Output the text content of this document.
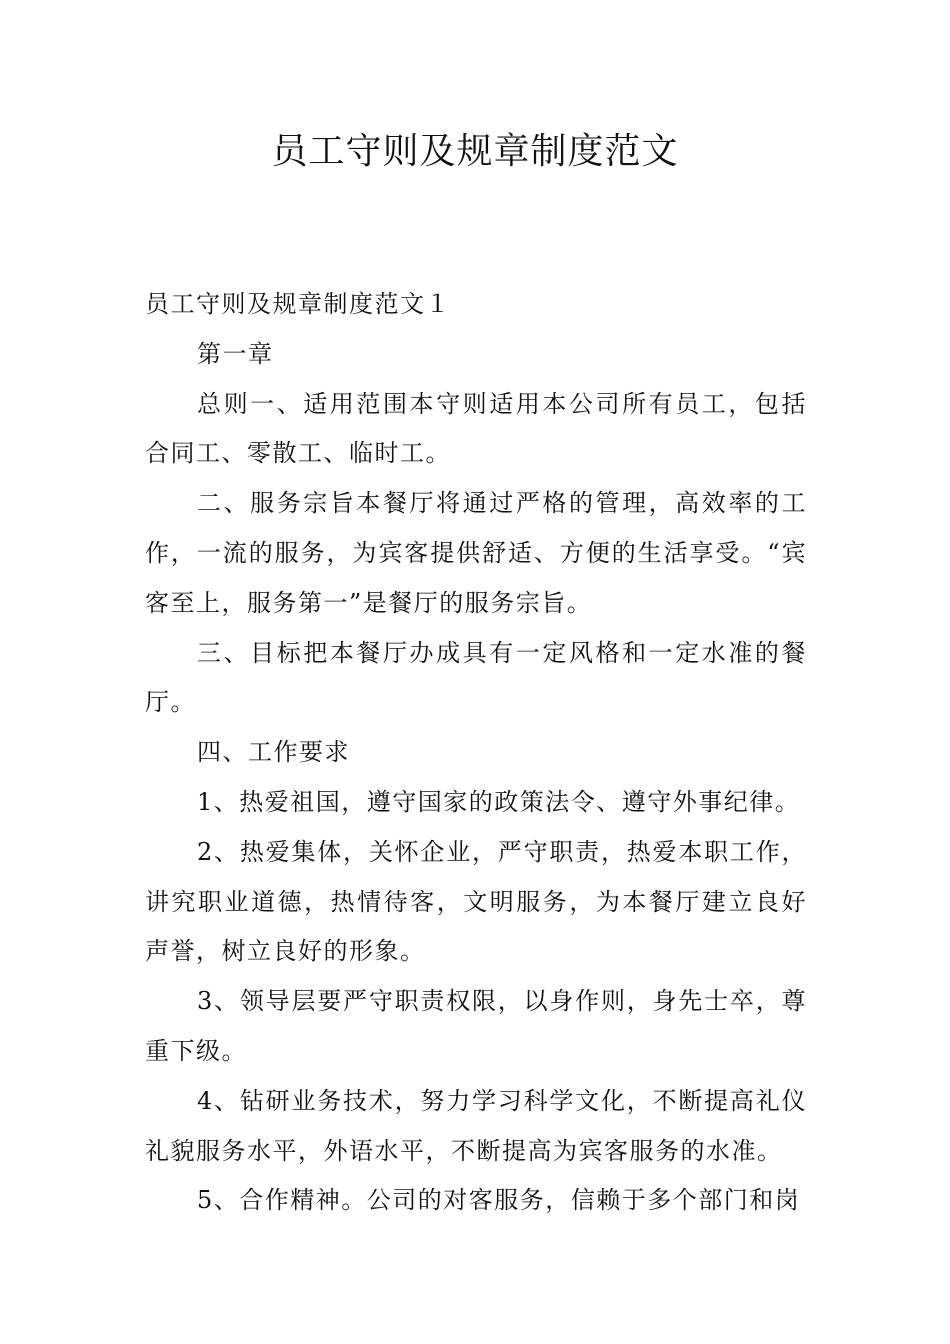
员工守则及规章制度范文

员工守则及规章制度范文１

第一章

总则一、适用范围本守则适用本公司所有员工，包括合同工、零散工、临时工。

二、服务宗旨本餐厅将通过严格的管理，高效率的工作，一流的服务，为宾客提供舒适、方便的生活享受。“宾客至上，服务第一”是餐厅的服务宗旨。

三、目标把本餐厅办成具有一定风格和一定水准的餐厅。

四、工作要求

1、热爱祖国，遵守国家的政策法令、遵守外事纪律。

2、热爱集体，关怀企业，严守职责，热爱本职工作，讲究职业道德，热情待客，文明服务，为本餐厅建立良好声誉，树立良好的形象。

3、领导层要严守职责权限，以身作则，身先士卒，尊重下级。

4、钻研业务技术，努力学习科学文化，不断提高礼仪礼貌服务水平，外语水平，不断提高为宾客服务的水准。

5、合作精神。公司的对客服务，信赖于多个部门和岗
